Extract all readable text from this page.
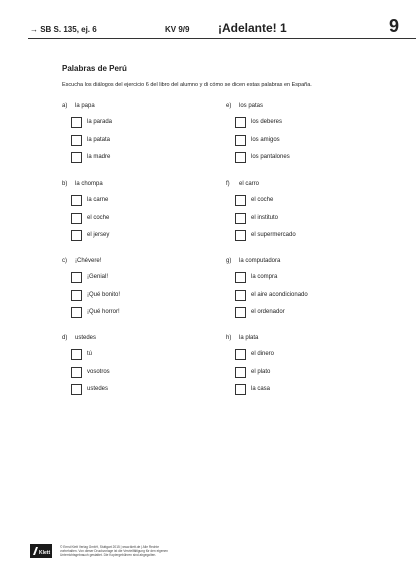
→ SB S. 135, ej. 6	KV 9/9 ¡Adelante! 1	9
Palabras de Perú
Escucha los diálogos del ejercicio 6 del libro del alumno y di cómo se dicen estas palabras en España.
a) la papa
la parada
la patata
la madre
b) la chompa
la carne
el coche
el jersey
c) ¡Chévere!
¡Genial!
¡Qué bonito!
¡Qué horror!
d) ustedes
tú
vosotros
ustedes
e) los patas
los deberes
los amigos
los pantalones
f) el carro
el coche
el instituto
el supermercado
g) la computadora
la compra
el aire acondicionado
el ordenador
h) la plata
el dinero
el plato
la casa
Klett
© Ernst Klett Verlag GmbH, Stuttgart 2015 | www.klett.de | Alle Rechte
vorbehalten. Von dieser Druckvorlage ist die Vervielfältigung für den eigenen
Unterrichtsgebrauch gestattet. Die Kopiergebühren sind abgegolten.
